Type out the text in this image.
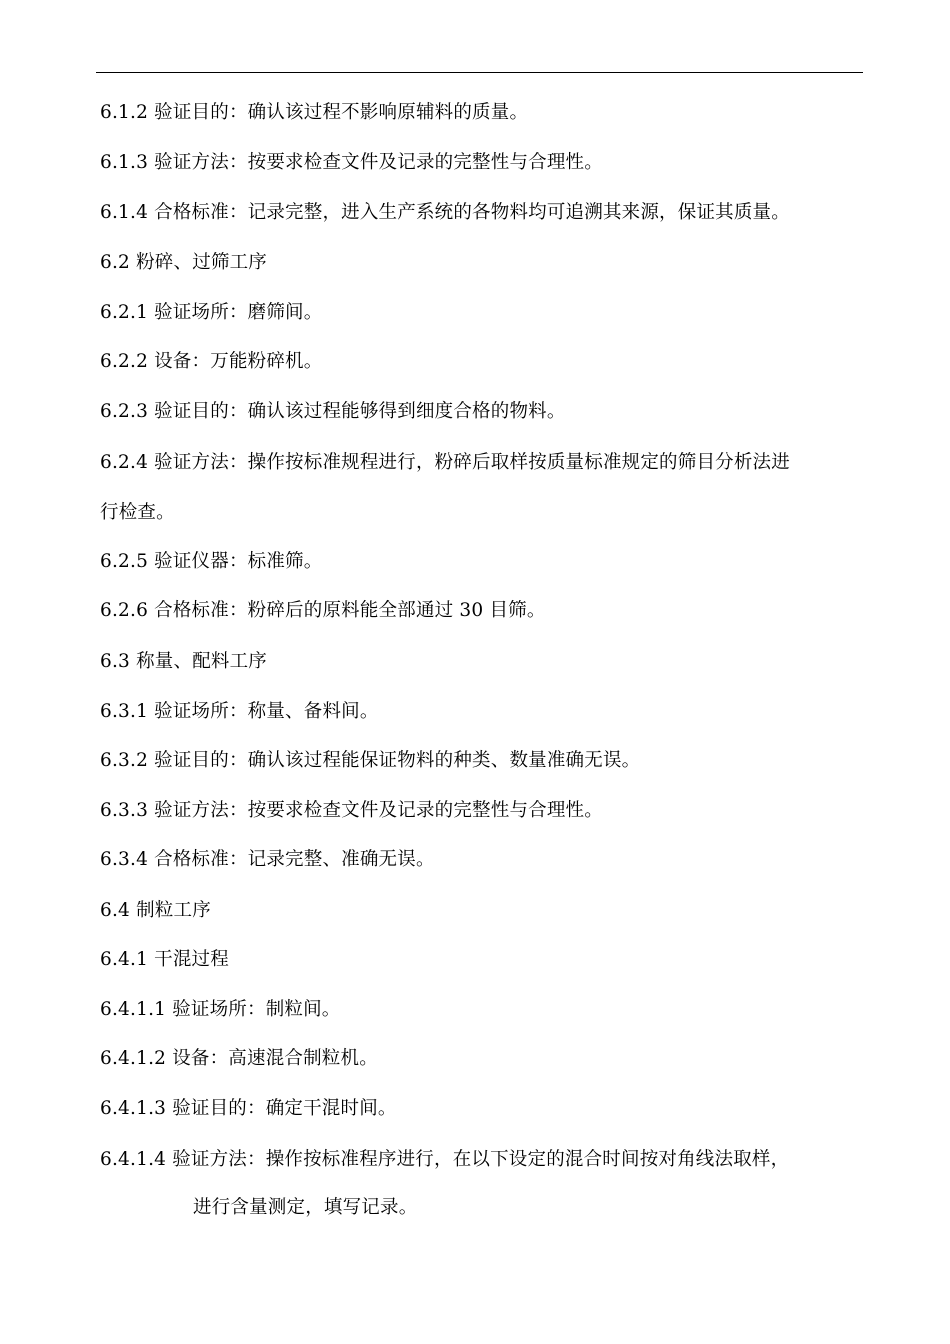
6.1.2 验证目的：确认该过程不影响原辅料的质量。
6.1.3 验证方法：按要求检查文件及记录的完整性与合理性。
6.1.4 合格标准：记录完整，进入生产系统的各物料均可追溯其来源，保证其质量。
6.2 粉碎、过筛工序
6.2.1 验证场所：磨筛间。
6.2.2 设备：万能粉碎机。
6.2.3 验证目的：确认该过程能够得到细度合格的物料。
6.2.4 验证方法：操作按标准规程进行，粉碎后取样按质量标准规定的筛目分析法进
行检查。
6.2.5 验证仪器：标准筛。
6.2.6 合格标准：粉碎后的原料能全部通过 30 目筛。
6.3 称量、配料工序
6.3.1 验证场所：称量、备料间。
6.3.2 验证目的：确认该过程能保证物料的种类、数量准确无误。
6.3.3 验证方法：按要求检查文件及记录的完整性与合理性。
6.3.4 合格标准：记录完整、准确无误。
6.4 制粒工序
6.4.1 干混过程
6.4.1.1 验证场所：制粒间。
6.4.1.2 设备：高速混合制粒机。
6.4.1.3 验证目的：确定干混时间。
6.4.1.4 验证方法：操作按标准程序进行，在以下设定的混合时间按对角线法取样，
进行含量测定，填写记录。
